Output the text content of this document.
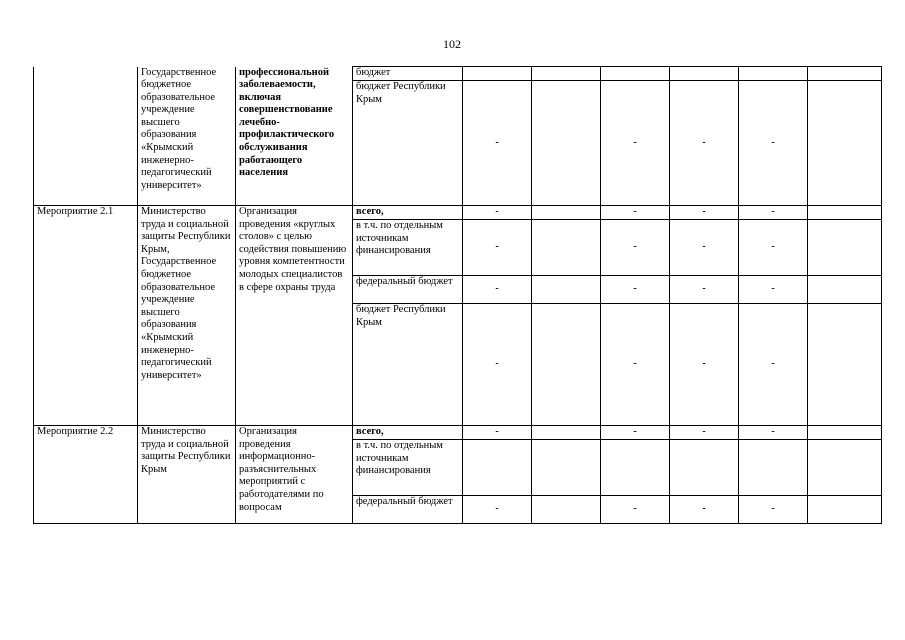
102
	Государственное бюджетное образовательное учреждение высшего образования «Крымский инженерно-педагогический университет»	профессиональной заболеваемости, включая совершенствование лечебно-профилактического обслуживания работающего населения	бюджет						
			бюджет Республики Крым	-		-	-	-	
Мероприятие 2.1	Министерство труда и социальной защиты Республики Крым, Государственное бюджетное образовательное учреждение высшего образования «Крымский инженерно-педагогический университет»	Организация проведения «круглых столов» с целью содействия повышению уровня компетентности молодых специалистов в сфере охраны труда	всего,	-		-	-	-	
			в т.ч. по отдельным источникам финансирования	-		-	-	-	
			федеральный бюджет	-		-	-	-	
			бюджет Республики Крым	-		-	-	-	
Мероприятие 2.2	Министерство труда и социальной защиты Республики Крым	Организация проведения информационно-разъяснительных мероприятий с работодателями по вопросам	всего,	-		-	-	-	
			в т.ч. по отдельным источникам финансирования						
			федеральный бюджет	-		-	-	-	
